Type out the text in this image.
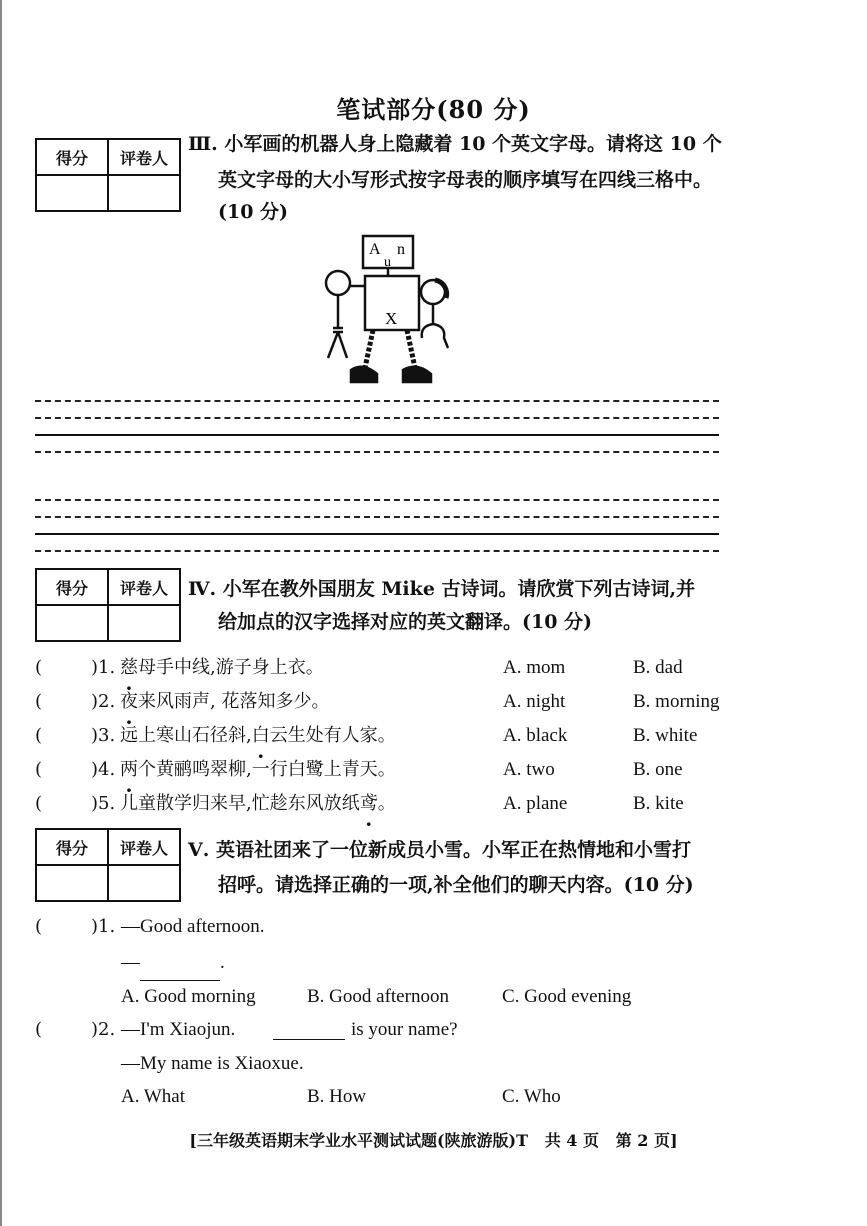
笔试部分(80 分)
得分	评卷人

Ⅲ. 小军画的机器人身上隐藏着 10 个英文字母。请将这 10 个
英文字母的大小写形式按字母表的顺序填写在四线三格中。
(10 分)
A n
u
X
得分	评卷人
	Ⅳ. 小军在教外国朋友 Mike 古诗词。请欣赏下列古诗词,并
给加点的汉字选择对应的英文翻译。(10 分)
(	)1. 慈母手中线,游子身上衣。	A. mom	B. dad
(	)2. 夜来风雨声, 花落知多少。	A. night	B. morning
(	)3. 远上寒山石径斜,白云生处有人家。	A. black	B. white
(	)4. 两个黄鹂鸣翠柳,一行白鹭上青天。	A. two	B. one
(	)5. 儿童散学归来早,忙趁东风放纸鸢。	A. plane	B. kite
得分	评卷人
	Ⅴ. 英语社团来了一位新成员小雪。小军正在热情地和小雪打
招呼。请选择正确的一项,补全他们的聊天内容。(10 分)
(	)1. —Good afternoon.
—	.
A. Good morning	B. Good afternoon	C. Good evening
(	)2. —I'm Xiaojun.	is your name?
—My name is Xiaoxue.
A. What	B. How	C. Who
[三年级英语期末学业水平测试试题(陕旅游版)T   共 4 页   第 2 页]
